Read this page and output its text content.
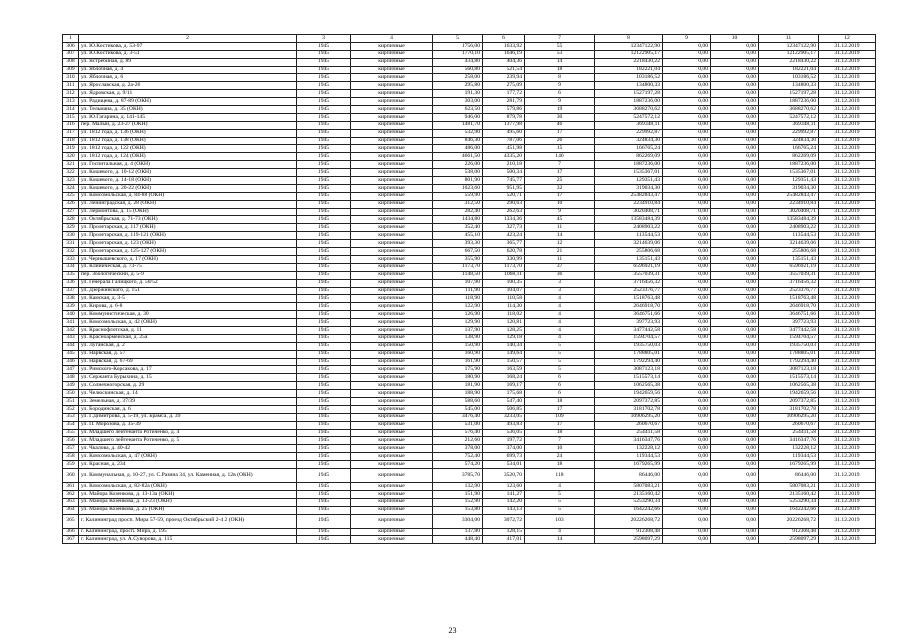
1	2	3	4	5	6	7	8	9	10	11	12
306	ул. Ю.Костикова, д. 53-97	1945	кирпичные	1756,00	1633,92	55	12347122,90	0,00	0,00	12347122,90	31.12.2019
307	ул. Ю.Костикова, д. 3-51	1945	кирпичные	1770,10	1646,19	53	12122905,17	0,00	0,00	12122905,17	31.12.2019
308	ул. Ястребиная, д. 89	1945	кирпичные	434,80	404,36	14	2218430,22	0,00	0,00	2218430,22	31.12.2019
309	ул. Яблочная, д. 4	1945	кирпичные	560,80	521,54	18	182221,04	0,00	0,00	182221,04	31.12.2019
310	ул. Яблочная, д. 6	1945	кирпичные	258,00	239,94	8	103186,52	0,00	0,00	103186,52	31.12.2019
311	ул. Ярославская, д. 2а-26	1945	кирпичные	295,80	275,09	9	134800,33	0,00	0,00	134800,33	31.12.2019
312	ул. Ядровская, д. 9/11	1945	кирпичные	191,30	177,72	6	1527197,28	0,00	0,00	1527197,28	31.12.2019
313	ул. Радищева, д. 87-89 (ОКН)	1945	кирпичные	303,00	281,79	9	1887236,00	0,00	0,00	1887236,00	31.12.2019
314	ул. Тельмана, д. 35 (ОКН)	1945	кирпичные	623,50	579,86	19	3688270,62	0,00	0,00	3688270,62	31.12.2019
315	ул. Ю.Гагарина, д. 141-145	1945	кирпичные	946,00	879,78	30	5247572,12	0,00	0,00	5247572,12	31.12.2019
316	пер. Малый, д. 23-27 (ОКН)	1945	кирпичные	1481,70	1377,98	46	369348,11	0,00	0,00	369348,11	31.12.2019
317	ул. 1812 года, д. 136 (ОКН)	1945	кирпичные	532,90	495,60	17	229992,87	0,00	0,00	229992,87	31.12.2019
318	ул. 1812 года, д. 138 (ОКН)	1945	кирпичные	846,30	787,06	26	324834,30	0,00	0,00	324834,30	31.12.2019
319	ул. 1812 года, д. 122 (ОКН)	1945	кирпичные	486,00	451,98	15	166765,24	0,00	0,00	166765,24	31.12.2019
320	ул. 1812 года, д. 124 (ОКН)	1945	кирпичные	4661,50	4335,20	146	862269,09	0,00	0,00	862269,09	31.12.2019
321	ул. Госпитальная, д. 4 (ОКН)	1945	кирпичные	226,00	210,18	7	1887236,00	0,00	0,00	1887236,00	31.12.2019
322	ул. Кошевого, д. 10-12 (ОКН)	1945	кирпичные	538,00	500,34	17	1535367,01	0,00	0,00	1535367,01	31.12.2019
323	ул. Кошевого, д. 14-18 (ОКН)	1945	кирпичные	801,90	745,77	25	129351,43	0,00	0,00	129351,43	31.12.2019
324	ул. Кошевого, д. 20-22 (ОКН)	1945	кирпичные	1023,60	951,95	32	319034,30	0,00	0,00	319034,30	31.12.2019
325	ул. Комсомольская, д. 84-88 (ОКН)	1945	кирпичные	559,90	520,71	17	25482843,47	0,00	0,00	25482843,47	31.12.2019
326	ул. Ленинградская, д. 28 (ОКН)	1945	кирпичные	312,50	290,63	10	2234910,84	0,00	0,00	2234910,84	31.12.2019
327	ул. Лермонтова, д. 15 (ОКН)	1945	кирпичные	282,40	262,63	9	3020408,71	0,00	0,00	3020408,71	31.12.2019
328	ул. Октябрьская, д. 71-73 (ОКН)	1945	кирпичные	1434,80	1334,36	45	13583484,39	0,00	0,00	13583484,39	31.12.2019
329	ул. Пролетарская, д. 117 (ОКН)	1945	кирпичные	352,40	327,73	11	2408903,22	0,00	0,00	2408903,22	31.12.2019
330	ул. Пролетарская, д. 119-121 (ОКН)	1945	кирпичные	455,10	423,24	14	113544,53	0,00	0,00	113544,53	31.12.2019
331	ул. Пролетарская, д. 123 (ОКН)	1945	кирпичные	393,30	365,77	12	3214639,06	0,00	0,00	3214639,06	31.12.2019
332	ул. Пролетарская, д. 125-127 (ОКН)	1945	кирпичные	667,50	620,78	21	255806,68	0,00	0,00	255806,68	31.12.2019
333	ул. Чернышевского, д. 17 (ОКН)	1945	кирпичные	355,90	330,99	11	135151,43	0,00	0,00	135151,43	31.12.2019
334	ул. Клиническая, д. 73-75	1945	кирпичные	1173,70	1173,70	37	6596921,19	0,00	0,00	6596921,19	31.12.2019
335	пер. Зоологический, д. 5-9	1945	кирпичные	1148,50	1068,11	36	3557039,31	0,00	0,00	3557039,31	31.12.2019
336	ул. Генерала Галицкого, д. 50/52	1945	кирпичные	107,90	100,35	3	3716456,32	0,00	0,00	3716456,32	31.12.2019
337	ул. Дзержинского, д. 151	1945	кирпичные	111,90	104,07	3	2523376,77	0,00	0,00	2523376,77	31.12.2019
338	ул. Камская, д. 3-5	1945	кирпичные	118,90	110,58	4	1518763,48	0,00	0,00	1518763,48	31.12.2019
339	ул. Кирова, д. 6-8	1945	кирпичные	122,90	114,30	4	2646918,70	0,00	0,00	2646918,70	31.12.2019
340	ул. Коммунистическая, д. 30	1945	кирпичные	126,90	118,02	4	3646751,66	0,00	0,00	3646751,66	31.12.2019
341	ул. Комсомольская, д. 42 (ОКН)	1945	кирпичные	129,90	120,81	4	397723,93	0,00	0,00	397723,93	31.12.2019
342	ул. Краснофлотская, д. 11	1945	кирпичные	137,90	128,25	4	3477442,58	0,00	0,00	3477442,58	31.12.2019
343	ул. Красноармейская, д. 25а	1945	кирпичные	138,90	129,18	4	1594704,57	0,00	0,00	1594704,57	31.12.2019
344	ул. Луганская, д. 2	1945	кирпичные	150,90	140,34	5	1935750,03	0,00	0,00	1935750,03	31.12.2019
345	ул. Нарвская, д. 57	1945	кирпичные	160,90	149,64	5	1788805,01	0,00	0,00	1788805,01	31.12.2019
346	ул. Нарвская, д. 67-69	1945	кирпичные	161,90	150,57	5	1792294,40	0,00	0,00	1792294,40	31.12.2019
347	ул. Римского-Корсакова, д. 17	1945	кирпичные	175,90	163,59	5	3087123,18	0,00	0,00	3087123,18	31.12.2019
348	ул. Сержанта Бурыхина, д. 15	1945	кирпичные	180,90	168,24	6	1515573,14	0,00	0,00	1515573,14	31.12.2019
349	ул. Солнечногорская, д. 29	1945	кирпичные	181,90	169,17	6	1062565,38	0,00	0,00	1062565,38	31.12.2019
350	ул. Челюскинская, д. 14	1945	кирпичные	188,90	175,68	6	1942659,56	0,00	0,00	1942659,56	31.12.2019
351	ул. Земельная, д. 37/39	1945	кирпичные	588,60	547,40	18	2097372,85	0,00	0,00	2097372,85	31.12.2019
352	ул. Бородинская, д. 6	1945	кирпичные	545,00	506,85	17	3181702,78	0,00	0,00	3181702,78	31.12.2019
353	ул. Г.Димитрова, д. 5-19, ул. Брамса, д. 39	1945	кирпичные	3476,40	3233,05	109	10906295,20	0,00	0,00	10906295,20	31.12.2019
354	ул. П. Морозова, д. 35-39	1945	кирпичные	531,00	493,83	17	260670,67	0,00	0,00	260670,67	31.12.2019
355	ул. Младшего лейтенанта Ротиченко, д. 4	1945	кирпичные	576,40	536,05	18	254411,58	0,00	0,00	254411,58	31.12.2019
356	ул. Младшего лейтенанта Ротиченко, д. 5	1945	кирпичные	212,60	197,72	7	3416347,76	0,00	0,00	3416347,76	31.12.2019
357	ул. Чкалова, д. 40-42	1945	кирпичные	378,00	374,00	10	132228,12	0,00	0,00	132228,12	31.12.2019
358	ул. Комсомольская, д. 47 (ОКН)	1945	кирпичные	752,40	699,73	24	119344,53	0,00	0,00	119344,53	31.12.2019
359	ул. Красная, д. 234	1945	кирпичные	574,20	534,01	18	1679265,99	0,00	0,00	1679265,99	31.12.2019
360	ул. Коммунальная, д. 10-27, ул. С.Разина 34, ул. Каменная, д. 12в (ОКН)	1945	кирпичные	3785,70	3520,70	118	86446,00	0,00	0,00	86446,00	31.12.2019
361	ул. Комсомольская, д. 82-82а (ОКН)	1945	кирпичные	132,90	123,60	4	5807083,21	0,00	0,00	5807083,21	31.12.2019
362	ул. Майора Козенкова, д. 13-13а (ОКН)	1945	кирпичные	151,90	141,27	5	2135160,42	0,00	0,00	2135160,42	31.12.2019
363	ул. Майора Козенкова, д. 13-23 (ОКН)	1945	кирпичные	152,90	142,20	5	5253290,34	0,00	0,00	5253290,34	31.12.2019
364	ул. Майора Козенкова, д. 25 (ОКН)	1945	кирпичные	153,80	143,13	5	1642242,66	0,00	0,00	1642242,66	31.12.2019
365	г. Калининград просп. Мира 57-59, проезд Октябрьский 2-4 2 (ОКН)	1945	кирпичные	3304,00	3072,72	103	20226268,72	0,00	0,00	20226268,72	31.12.2019
366	г. Калининград, просп. Мира, д. 195	1945	кирпичные	137,80	128,15	4	912308,48	0,00	0,00	912308,48	31.12.2019
367	г. Калининград, ул. А.Суворова, д. 115	1945	кирпичные	448,40	417,01	14	2598097,29	0,00	0,00	2598097,29	31.12.2019
23
